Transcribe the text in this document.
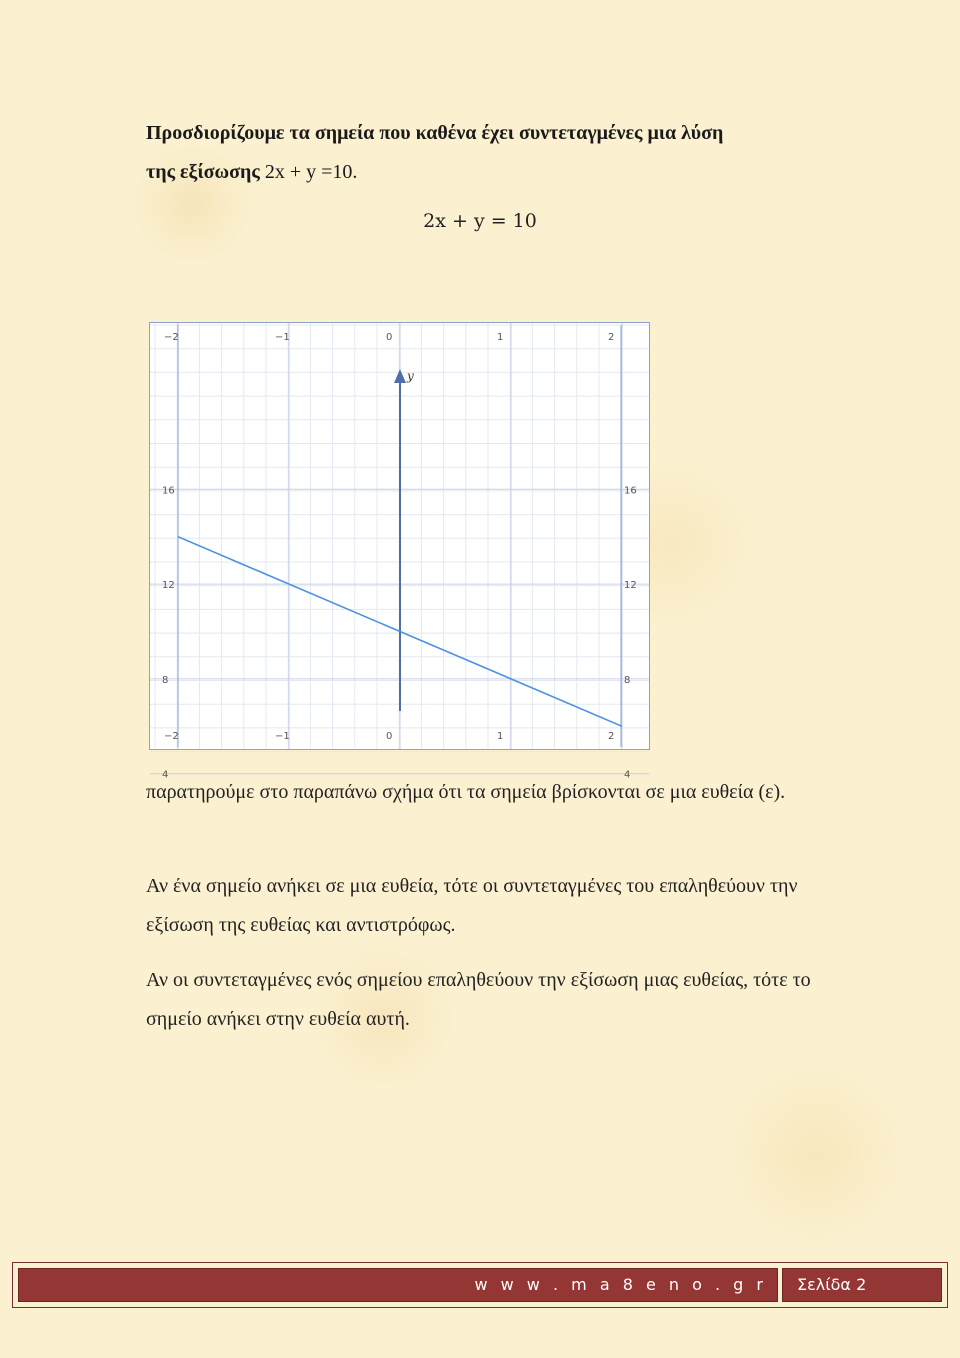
Προσδιορίζουμε τα σημεία που καθένα έχει συντεταγμένες μια λύση
της εξίσωσης 2x + y =10.
2x + y = 10
y
−2
−2
−1
−1
0
0
1
1
2
2
16	16
12	12
8	8
4	4
παρατηρούμε στο παραπάνω σχήμα ότι τα σημεία βρίσκονται σε μια ευθεία (ε).
Αν ένα σημείο ανήκει σε μια ευθεία, τότε οι συντεταγμένες του επαληθεύουν την εξίσωση της ευθείας και αντιστρόφως.
Αν οι συντεταγμένες ενός σημείου επαληθεύουν την εξίσωση μιας ευθείας, τότε το σημείο ανήκει στην ευθεία αυτή.
w w w . m a 8 e n o . g r Σελίδα 2
